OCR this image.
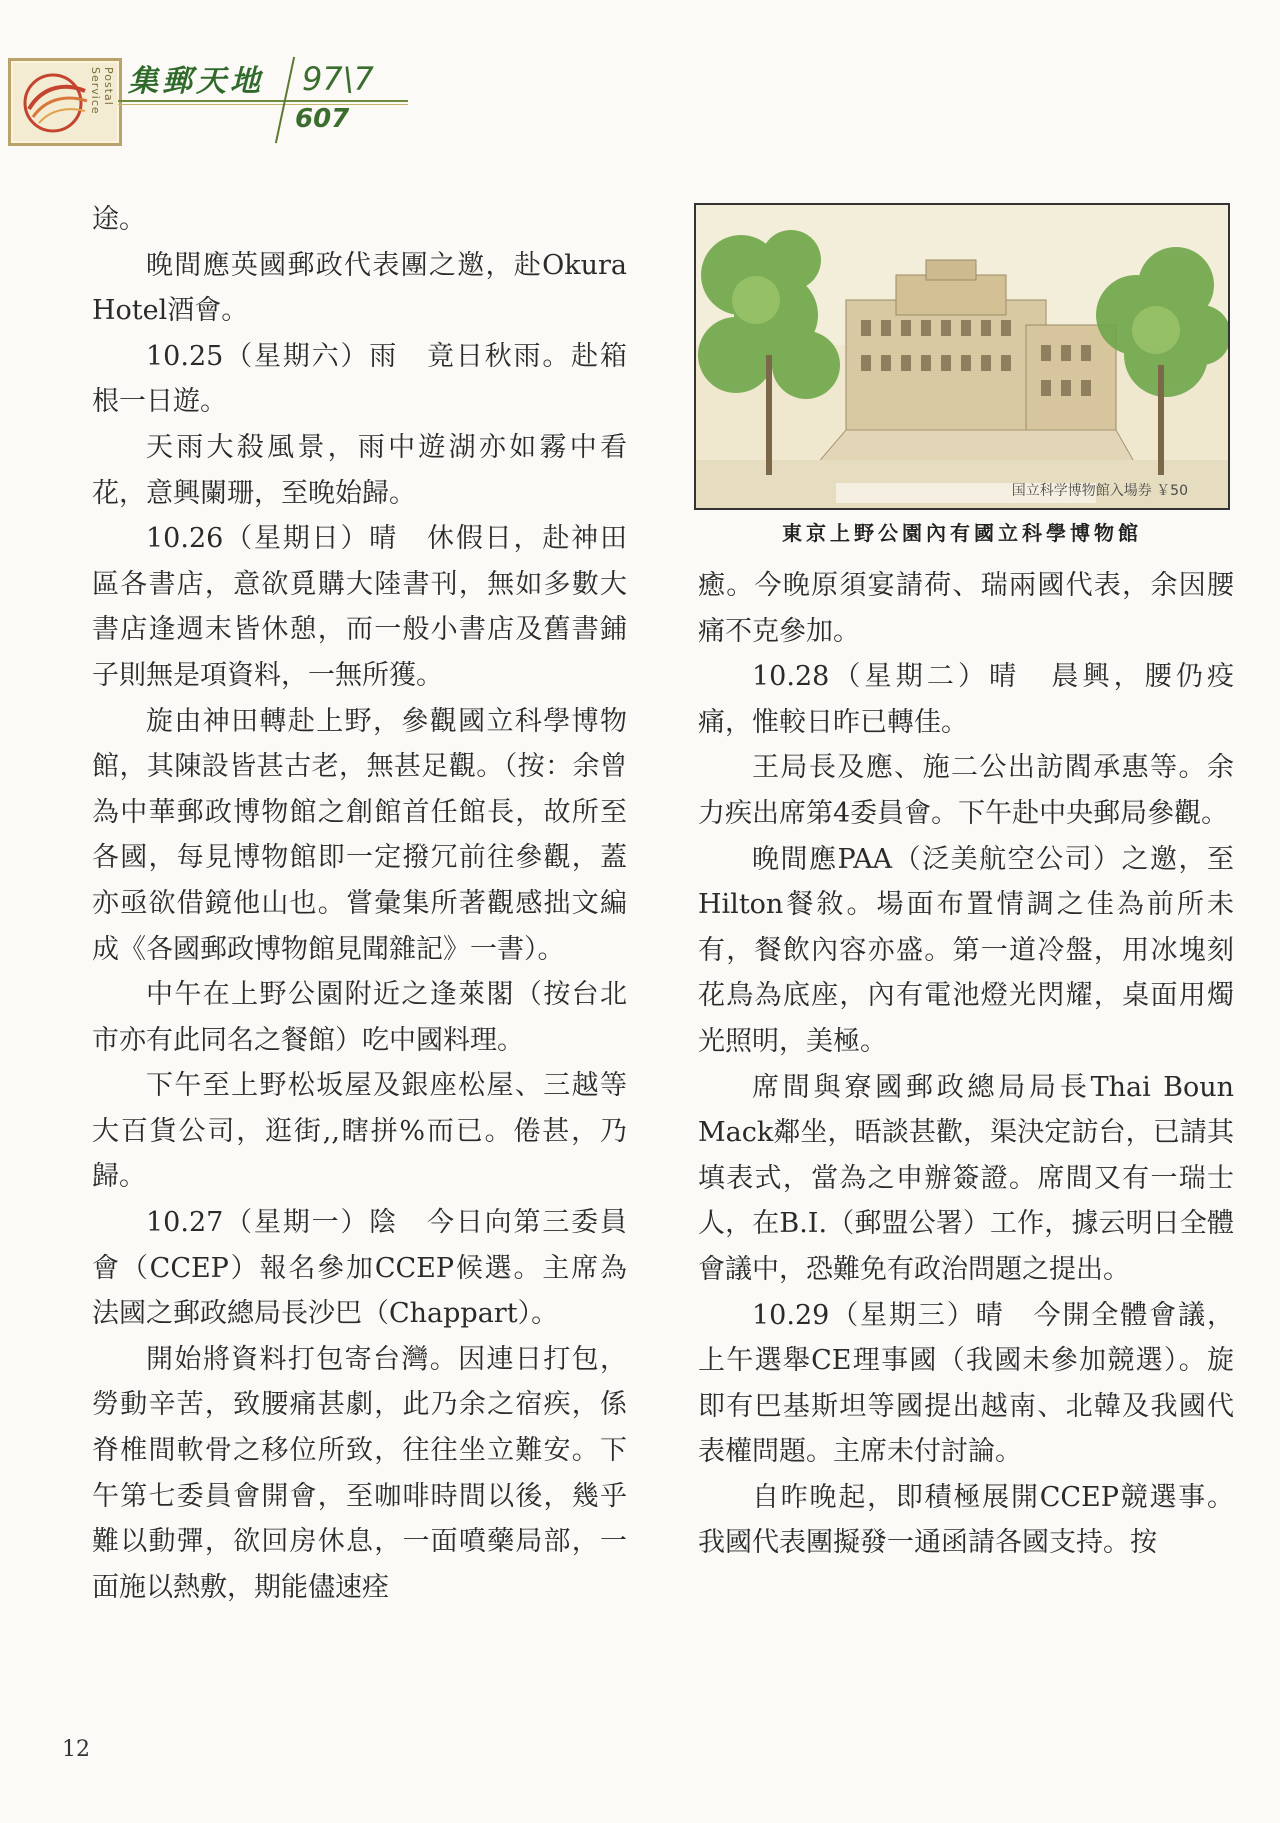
Postal Service 集郵天地 97\7
607

途。

晚間應英國郵政代表團之邀，赴Okura Hotel酒會。

10.25（星期六）雨　竟日秋雨。赴箱根一日遊。

天雨大殺風景，雨中遊湖亦如霧中看花，意興闌珊，至晚始歸。

10.26（星期日）晴　休假日，赴神田區各書店，意欲覓購大陸書刊，無如多數大書店逢週末皆休憩，而一般小書店及舊書鋪子則無是項資料，一無所獲。

旋由神田轉赴上野，參觀國立科學博物館，其陳設皆甚古老，無甚足觀。（按：余曾為中華郵政博物館之創館首任館長，故所至各國，每見博物館即一定撥冗前往參觀，蓋亦亟欲借鏡他山也。嘗彙集所著觀感拙文編成《各國郵政博物館見聞雜記》一書）。

中午在上野公園附近之逢萊閣（按台北市亦有此同名之餐館）吃中國料理。

下午至上野松坂屋及銀座松屋、三越等大百貨公司，逛街,,瞎拼%而已。倦甚，乃歸。

10.27（星期一）陰　今日向第三委員會（CCEP）報名參加CCEP候選。主席為法國之郵政總局長沙巴（Chappart）。

開始將資料打包寄台灣。因連日打包，勞動辛苦，致腰痛甚劇，此乃余之宿疾，係脊椎間軟骨之移位所致，往往坐立難安。下午第七委員會開會，至咖啡時間以後，幾乎難以動彈，欲回房休息，一面噴藥局部，一面施以熱敷，期能儘速痊

国立科学博物館入場券 ￥50
東京上野公園內有國立科學博物館

癒。今晚原須宴請荷、瑞兩國代表，余因腰痛不克參加。

10.28（星期二）晴　晨興，腰仍疫痛，惟較日昨已轉佳。

王局長及應、施二公出訪閻承惠等。余力疾出席第4委員會。下午赴中央郵局參觀。

晚間應PAA（泛美航空公司）之邀，至Hilton餐敘。場面布置情調之佳為前所未有，餐飲內容亦盛。第一道冷盤，用冰塊刻花鳥為底座，內有電池燈光閃耀，桌面用燭光照明，美極。

席間與寮國郵政總局局長Thai Boun Mack鄰坐，晤談甚歡，渠決定訪台，已請其填表式，當為之申辦簽證。席間又有一瑞士人，在B.I.（郵盟公署）工作，據云明日全體會議中，恐難免有政治問題之提出。

10.29（星期三）晴　今開全體會議，上午選舉CE理事國（我國未參加競選）。旋即有巴基斯坦等國提出越南、北韓及我國代表權問題。主席未付討論。

自昨晚起，即積極展開CCEP競選事。我國代表團擬發一通函請各國支持。按

12
